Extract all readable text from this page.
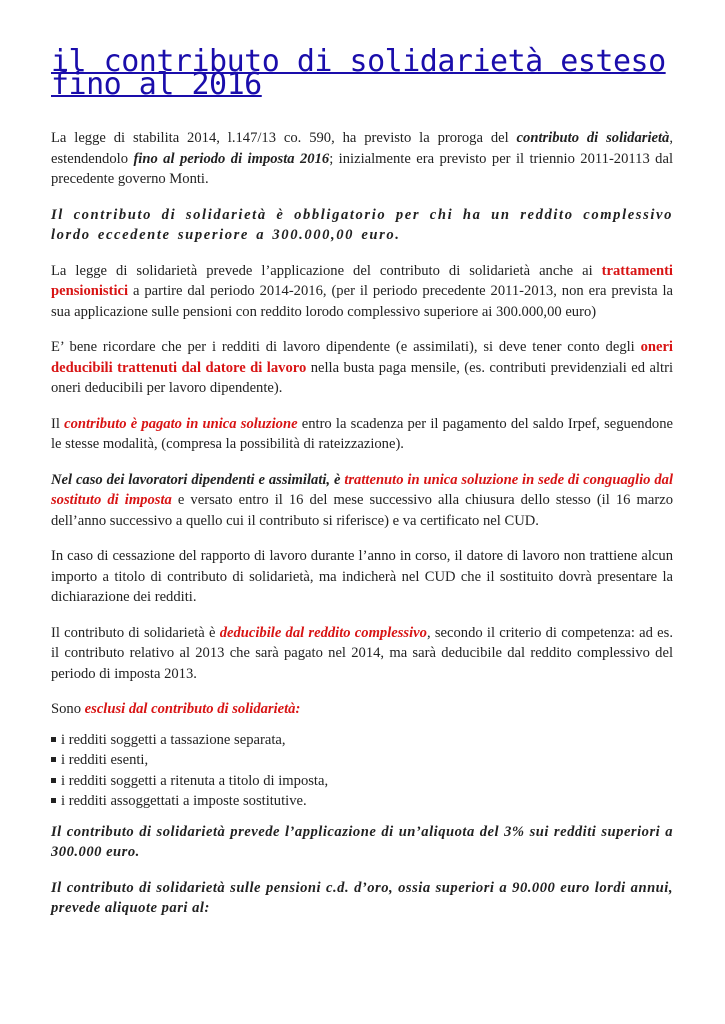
il contributo di solidarietà esteso fino al 2016

La legge di stabilita 2014, l.147/13 co. 590, ha previsto la proroga del contributo di solidarietà, estendendolo fino al periodo di imposta 2016; inizialmente era previsto per il triennio 2011-20113 dal precedente governo Monti.

Il contributo di solidarietà è obbligatorio per chi ha un reddito complessivo lordo eccedente superiore a 300.000,00 euro.

La legge di solidarietà prevede l’applicazione del contributo di solidarietà anche ai trattamenti pensionistici a partire dal periodo 2014-2016, (per il periodo precedente 2011-2013, non era prevista la sua applicazione sulle pensioni con reddito lorodo complessivo superiore ai 300.000,00 euro)

E’ bene ricordare che per i redditi di lavoro dipendente (e assimilati), si deve tener conto degli oneri deducibili trattenuti dal datore di lavoro nella busta paga mensile, (es. contributi previdenziali ed altri oneri deducibili per lavoro dipendente).

Il contributo è pagato in unica soluzione entro la scadenza per il pagamento del saldo Irpef, seguendone le stesse modalità, (compresa la possibilità di rateizzazione).

Nel caso dei lavoratori dipendenti e assimilati, è trattenuto in unica soluzione in sede di conguaglio dal sostituto di imposta e versato entro il 16 del mese successivo alla chiusura dello stesso (il 16 marzo dell’anno successivo a quello cui il contributo si riferisce) e va certificato nel CUD.

In caso di cessazione del rapporto di lavoro durante l’anno in corso, il datore di lavoro non trattiene alcun importo a titolo di contributo di solidarietà, ma indicherà nel CUD che il sostituito dovrà presentare la dichiarazione dei redditi.

Il contributo di solidarietà è deducibile dal reddito complessivo, secondo il criterio di competenza: ad es. il contributo relativo al 2013 che sarà pagato nel 2014, ma sarà deducibile dal reddito complessivo del periodo di imposta 2013.

Sono esclusi dal contributo di solidarietà:

i redditi soggetti a tassazione separata,
i redditi esenti,
i redditi soggetti a ritenuta a titolo di imposta,
i redditi assoggettati a imposte sostitutive.

Il contributo di solidarietà prevede l’applicazione di un’aliquota del 3% sui redditi superiori a 300.000 euro.

Il contributo di solidarietà sulle pensioni c.d. d’oro, ossia superiori a 90.000 euro lordi annui, prevede aliquote pari al:
